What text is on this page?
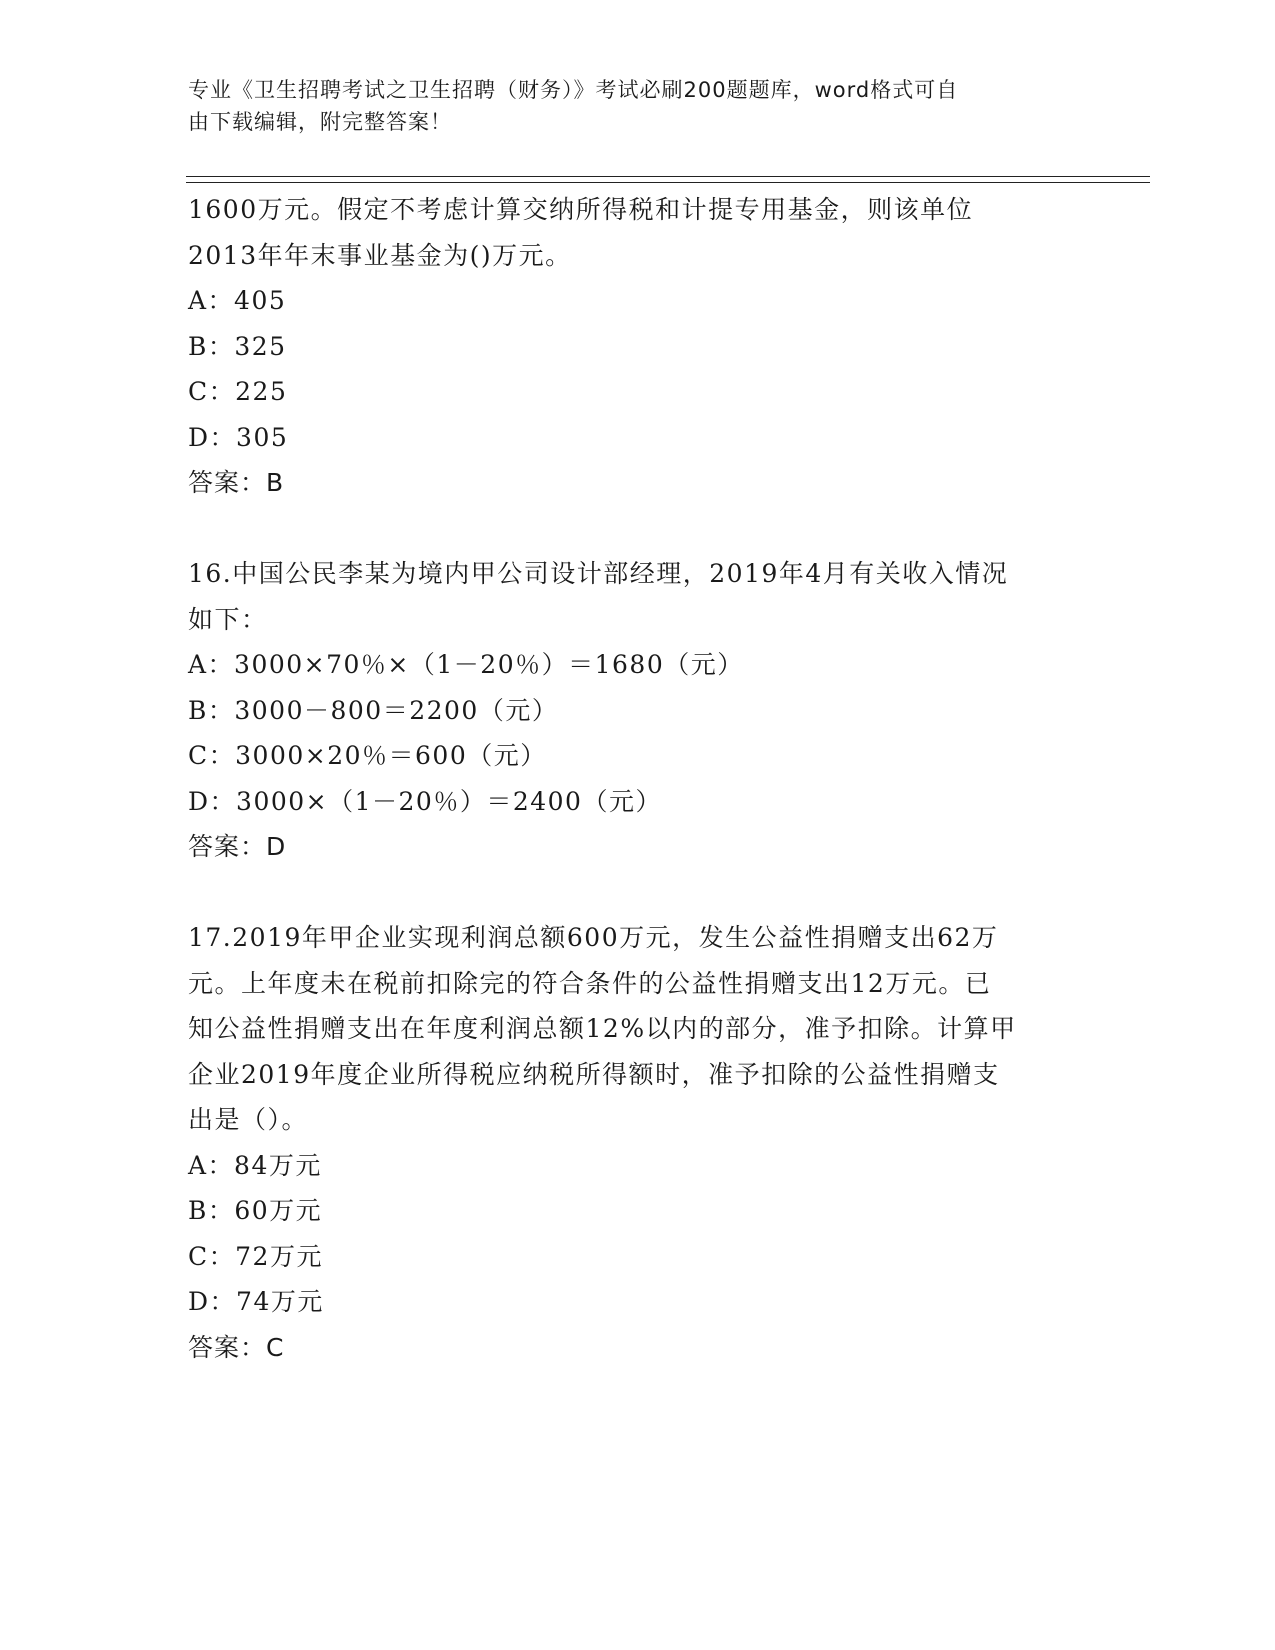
专业《卫生招聘考试之卫生招聘（财务）》考试必刷200题题库，word格式可自
由下载编辑，附完整答案！
1600万元。假定不考虑计算交纳所得税和计提专用基金，则该单位
2013年年末事业基金为()万元。
A：405
B：325
C：225
D：305
答案：B
16.中国公民李某为境内甲公司设计部经理，2019年4月有关收入情况
如下：
A：3000×70％×（1－20％）＝1680（元）
B：3000－800＝2200（元）
C：3000×20％＝600（元）
D：3000×（1－20％）＝2400（元）
答案：D
17.2019年甲企业实现利润总额600万元，发生公益性捐赠支出62万
元。上年度未在税前扣除完的符合条件的公益性捐赠支出12万元。已
知公益性捐赠支出在年度利润总额12%以内的部分，准予扣除。计算甲
企业2019年度企业所得税应纳税所得额时，准予扣除的公益性捐赠支
出是（）。
A：84万元
B：60万元
C：72万元
D：74万元
答案：C
